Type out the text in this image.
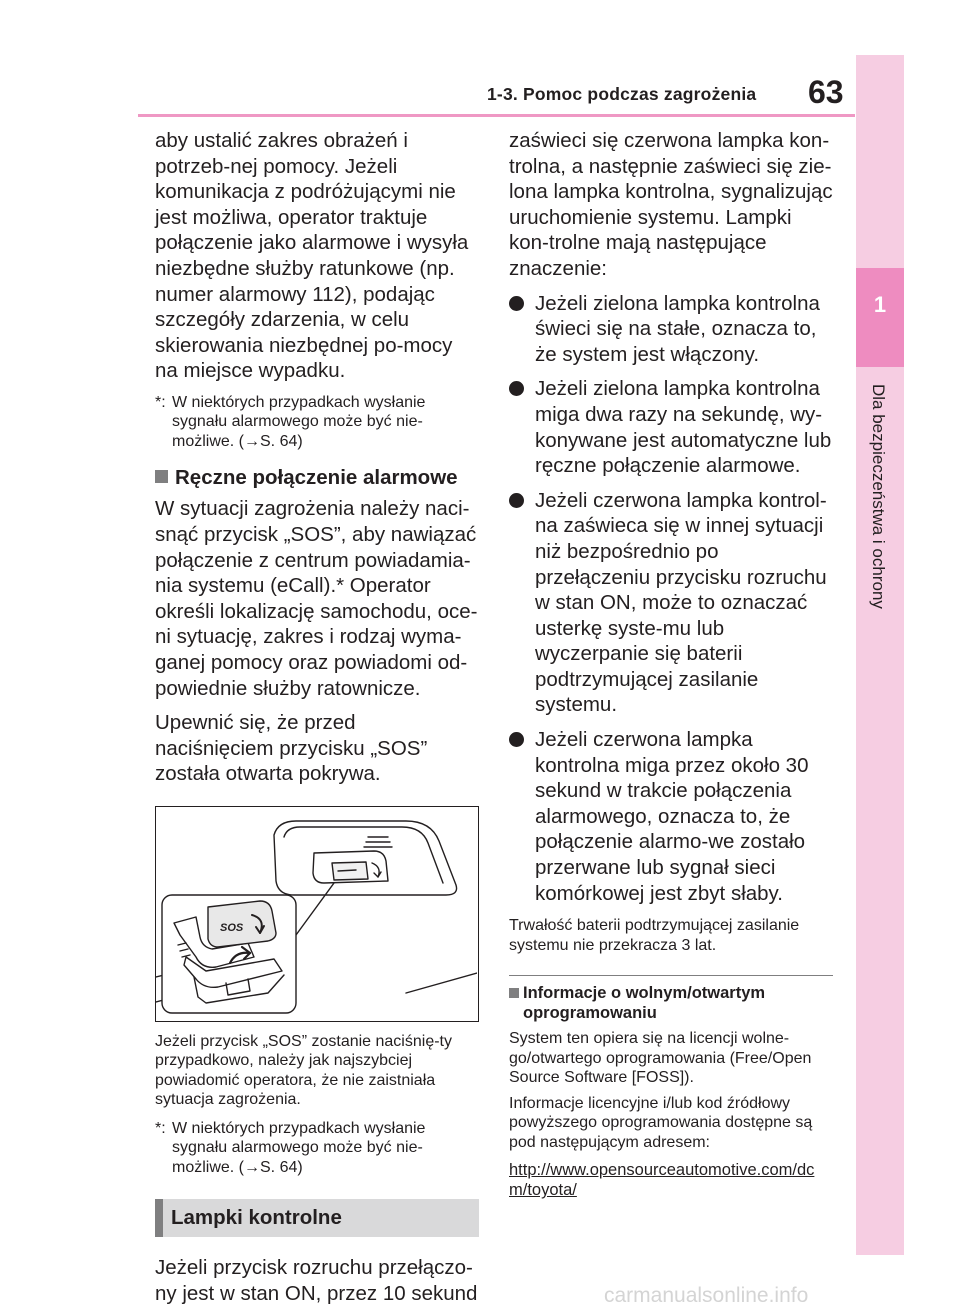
1-3. Pomoc podczas zagrożenia 63
1
Dla bezpieczeństwa i ochrony

aby ustalić zakres obrażeń i potrzeb-nej pomocy. Jeżeli komunikacja z podróżującymi nie jest możliwa, operator traktuje połączenie jako alarmowe i wysyła niezbędne służby ratunkowe (np. numer alarmowy 112), podając szczegóły zdarzenia, w celu skierowania niezbędnej po-mocy na miejsce wypadku.

*: W niektórych przypadkach wysłanie sygnału alarmowego może być nie-możliwe. (→S. 64)
Ręczne połączenie alarmowe

W sytuacji zagrożenia należy naci-snąć przycisk „SOS”, aby nawiązać połączenie z centrum powiadamia-nia systemu (eCall).* Operator określi lokalizację samochodu, oce-ni sytuację, zakres i rodzaj wyma-ganej pomocy oraz powiadomi od-powiednie służby ratownicze.

Upewnić się, że przed naciśnięciem przycisku „SOS” została otwarta pokrywa.

SOS

Jeżeli przycisk „SOS” zostanie naciśnię-ty przypadkowo, należy jak najszybciej powiadomić operatora, że nie zaistniała sytuacja zagrożenia.

*: W niektórych przypadkach wysłanie sygnału alarmowego może być nie-możliwe. (→S. 64)
Lampki kontrolne

Jeżeli przycisk rozruchu przełączo-ny jest w stan ON, przez 10 sekund

zaświeci się czerwona lampka kon-trolna, a następnie zaświeci się zie-lona lampka kontrolna, sygnalizując uruchomienie systemu. Lampki kon-trolne mają następujące znaczenie:

Jeżeli zielona lampka kontrolna świeci się na stałe, oznacza to, że system jest włączony.
Jeżeli zielona lampka kontrolna miga dwa razy na sekundę, wy-konywane jest automatyczne lub ręczne połączenie alarmowe.
Jeżeli czerwona lampka kontrol-na zaświeca się w innej sytuacji niż bezpośrednio po przełączeniu przycisku rozruchu w stan ON, może to oznaczać usterkę syste-mu lub wyczerpanie się baterii podtrzymującej zasilanie systemu.
Jeżeli czerwona lampka kontrolna miga przez około 30 sekund w trakcie połączenia alarmowego, oznacza to, że połączenie alarmo-we zostało przerwane lub sygnał sieci komórkowej jest zbyt słaby.

Trwałość baterii podtrzymującej zasilanie systemu nie przekracza 3 lat.

Informacje o wolnym/otwartym oprogramowaniu

System ten opiera się na licencji wolne-go/otwartego oprogramowania (Free/Open Source Software [FOSS]).

Informacje licencyjne i/lub kod źródłowy powyższego oprogramowania dostępne są pod następującym adresem:

http://www.opensourceautomotive.com/dcm/toyota/

carmanualsonline.info
